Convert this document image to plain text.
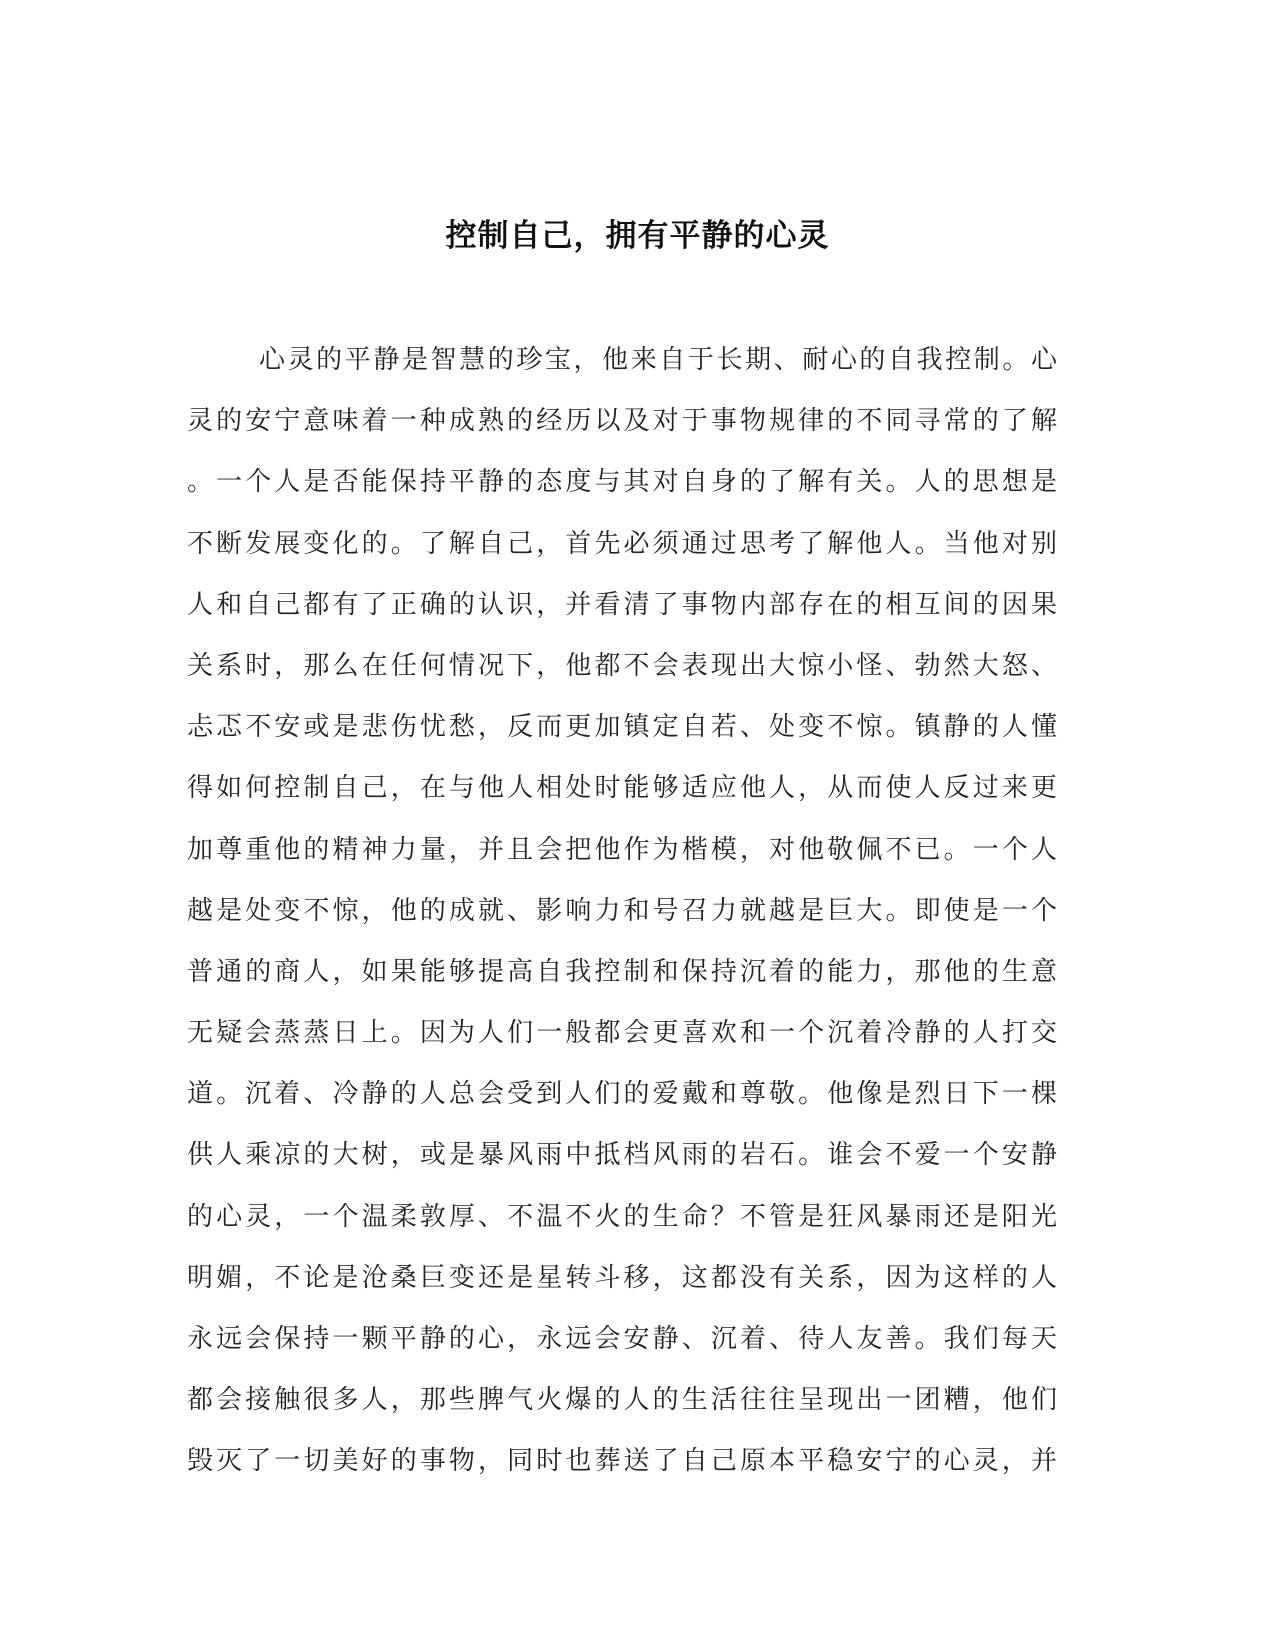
控制自己，拥有平静的心灵
心灵的平静是智慧的珍宝，他来自于长期、耐心的自我控制。心
灵的安宁意味着一种成熟的经历以及对于事物规律的不同寻常的了解
。一个人是否能保持平静的态度与其对自身的了解有关。人的思想是
不断发展变化的。了解自己，首先必须通过思考了解他人。当他对别
人和自己都有了正确的认识，并看清了事物内部存在的相互间的因果
关系时，那么在任何情况下，他都不会表现出大惊小怪、勃然大怒、
忐忑不安或是悲伤忧愁，反而更加镇定自若、处变不惊。镇静的人懂
得如何控制自己，在与他人相处时能够适应他人，从而使人反过来更
加尊重他的精神力量，并且会把他作为楷模，对他敬佩不已。一个人
越是处变不惊，他的成就、影响力和号召力就越是巨大。即使是一个
普通的商人，如果能够提高自我控制和保持沉着的能力，那他的生意
无疑会蒸蒸日上。因为人们一般都会更喜欢和一个沉着冷静的人打交
道。沉着、冷静的人总会受到人们的爱戴和尊敬。他像是烈日下一棵
供人乘凉的大树，或是暴风雨中抵档风雨的岩石。谁会不爱一个安静
的心灵，一个温柔敦厚、不温不火的生命？不管是狂风暴雨还是阳光
明媚，不论是沧桑巨变还是星转斗移，这都没有关系，因为这样的人
永远会保持一颗平静的心，永远会安静、沉着、待人友善。我们每天
都会接触很多人，那些脾气火爆的人的生活往往呈现出一团糟，他们
毁灭了一切美好的事物，同时也葬送了自己原本平稳安宁的心灵，并
